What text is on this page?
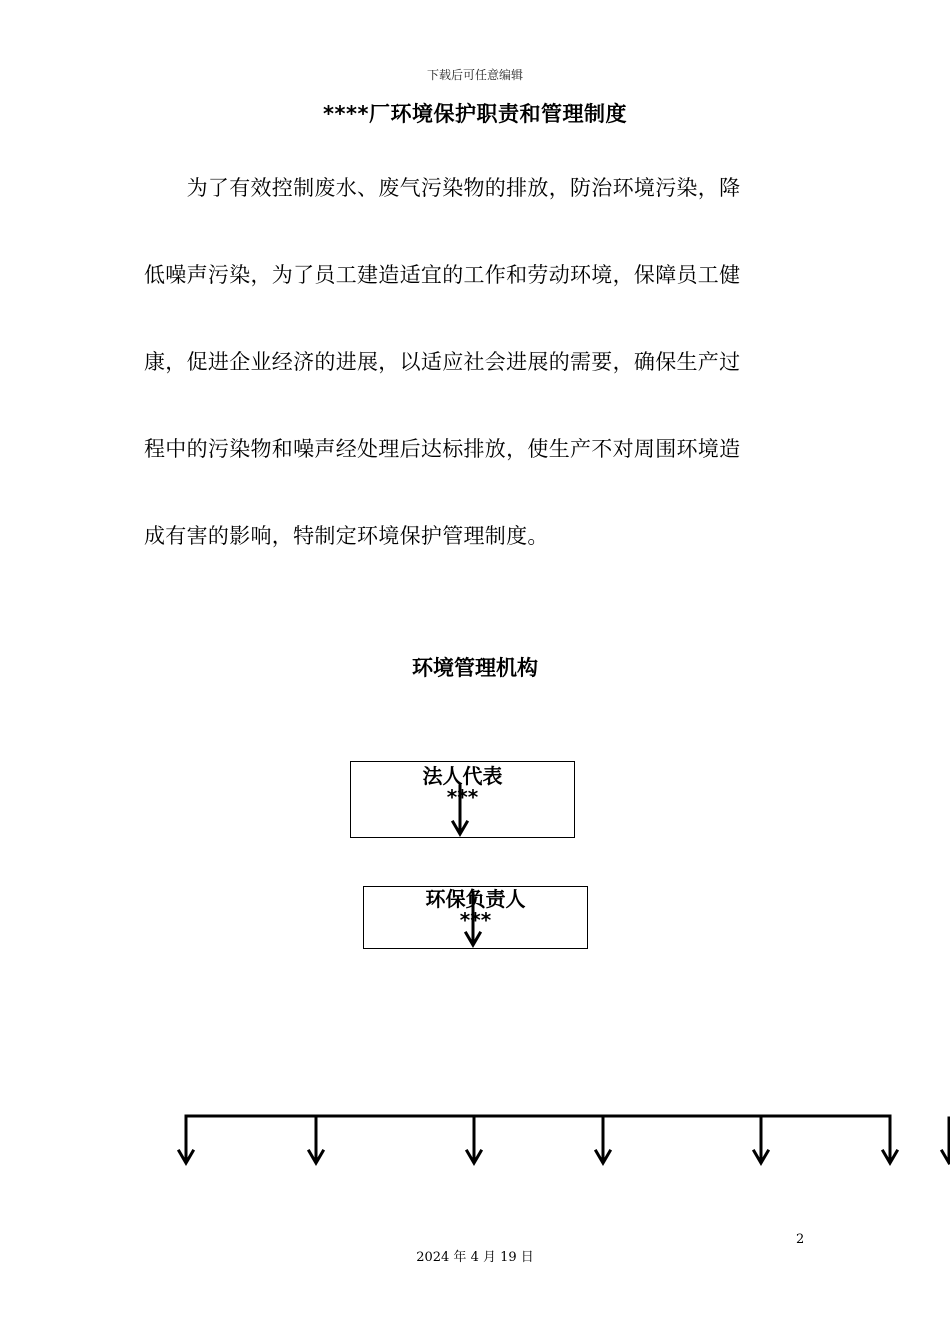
下载后可任意编辑
****厂环境保护职责和管理制度
　　为了有效控制废水、废气污染物的排放，防治环境污染，降
低噪声污染，为了员工建造适宜的工作和劳动环境，保障员工健
康，促进企业经济的进展，以适应社会进展的需要，确保生产过
程中的污染物和噪声经处理后达标排放，使生产不对周围环境造
成有害的影响，特制定环境保护管理制度。
环境管理机构
法人代表
***
环保负责人
***
2
2024 年 4 月 19 日
